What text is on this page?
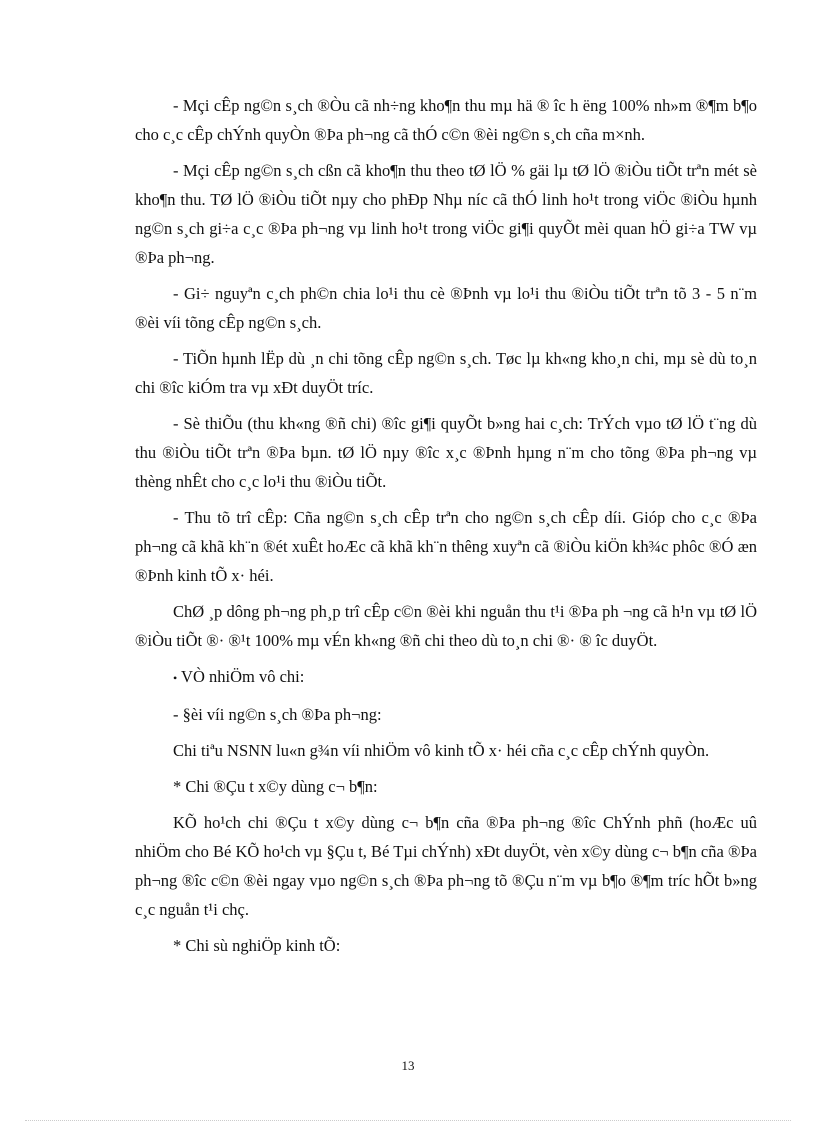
- Mçi cÊp ng©n s¸ch ®Òu cã nh÷ng kho¶n thu mµ hä ® îc h ëng 100% nh»m ®¶m b¶o cho c¸c cÊp chÝnh quyÒn ®Þa ph¬ng cã thÓ c©n ®èi ng©n s¸ch cña m×nh.

- Mçi cÊp ng©n s¸ch cßn cã kho¶n thu theo tØ lÖ % gäi lµ tØ lÖ ®iÒu tiÕt trªn mét sè kho¶n thu. TØ lÖ ®iÒu tiÕt nµy cho phÐp Nhµ níc cã thÓ linh ho¹t trong viÖc ®iÒu hµnh ng©n s¸ch gi÷a c¸c ®Þa ph¬ng vµ linh ho¹t trong viÖc gi¶i quyÕt mèi quan hÖ gi÷a TW vµ ®Þa ph¬ng.

- Gi÷ nguyªn c¸ch ph©n chia lo¹i thu cè ®Þnh vµ lo¹i thu ®iÒu tiÕt trªn tõ 3 - 5 n¨m ®èi víi tõng cÊp ng©n s¸ch.

- TiÕn hµnh lËp dù ¸n chi tõng cÊp ng©n s¸ch. Tøc lµ kh«ng kho¸n chi, mµ sè dù to¸n chi ®îc kiÓm tra vµ xÐt duyÖt tríc.

- Sè thiÕu (thu kh«ng ®ñ chi) ®îc gi¶i quyÕt b»ng hai c¸ch: TrÝch vµo tØ lÖ t¨ng dù thu ®iÒu tiÕt trªn ®Þa bµn. tØ lÖ nµy ®îc x¸c ®Þnh hµng n¨m cho tõng ®Þa ph¬ng vµ thèng nhÊt cho c¸c lo¹i thu ®iÒu tiÕt.

- Thu tõ trî cÊp: Cña ng©n s¸ch cÊp trªn cho ng©n s¸ch cÊp díi. Gióp cho c¸c ®Þa ph¬ng cã khã kh¨n ®ét xuÊt hoÆc cã khã kh¨n thêng xuyªn cã ®iÒu kiÖn kh¾c phôc ®Ó æn ®Þnh kinh tÕ x· héi.

ChØ ¸p dông ph¬ng ph¸p trî cÊp c©n ®èi khi nguån thu t¹i ®Þa ph ¬ng cã h¹n vµ tØ lÖ ®iÒu tiÕt ®· ®¹t 100% mµ vÉn kh«ng ®ñ chi theo dù to¸n chi ®· ® îc duyÖt.

• VÒ nhiÖm vô chi:

- §èi víi ng©n s¸ch ®Þa ph¬ng:

Chi tiªu NSNN lu«n g¾n víi nhiÖm vô kinh tÕ x· héi cña c¸c cÊp chÝnh quyÒn.

* Chi ®Çu t x©y dùng c¬ b¶n:

KÕ ho¹ch chi ®Çu t x©y dùng c¬ b¶n cña ®Þa ph¬ng ®îc ChÝnh phñ (hoÆc uû nhiÖm cho Bé KÕ ho¹ch vµ §Çu t, Bé Tµi chÝnh) xÐt duyÖt, vèn x©y dùng c¬ b¶n cña ®Þa ph¬ng ®îc c©n ®èi ngay vµo ng©n s¸ch ®Þa ph¬ng tõ ®Çu n¨m vµ b¶o ®¶m tríc hÕt b»ng c¸c nguån t¹i chç.

* Chi sù nghiÖp kinh tÕ:

13
